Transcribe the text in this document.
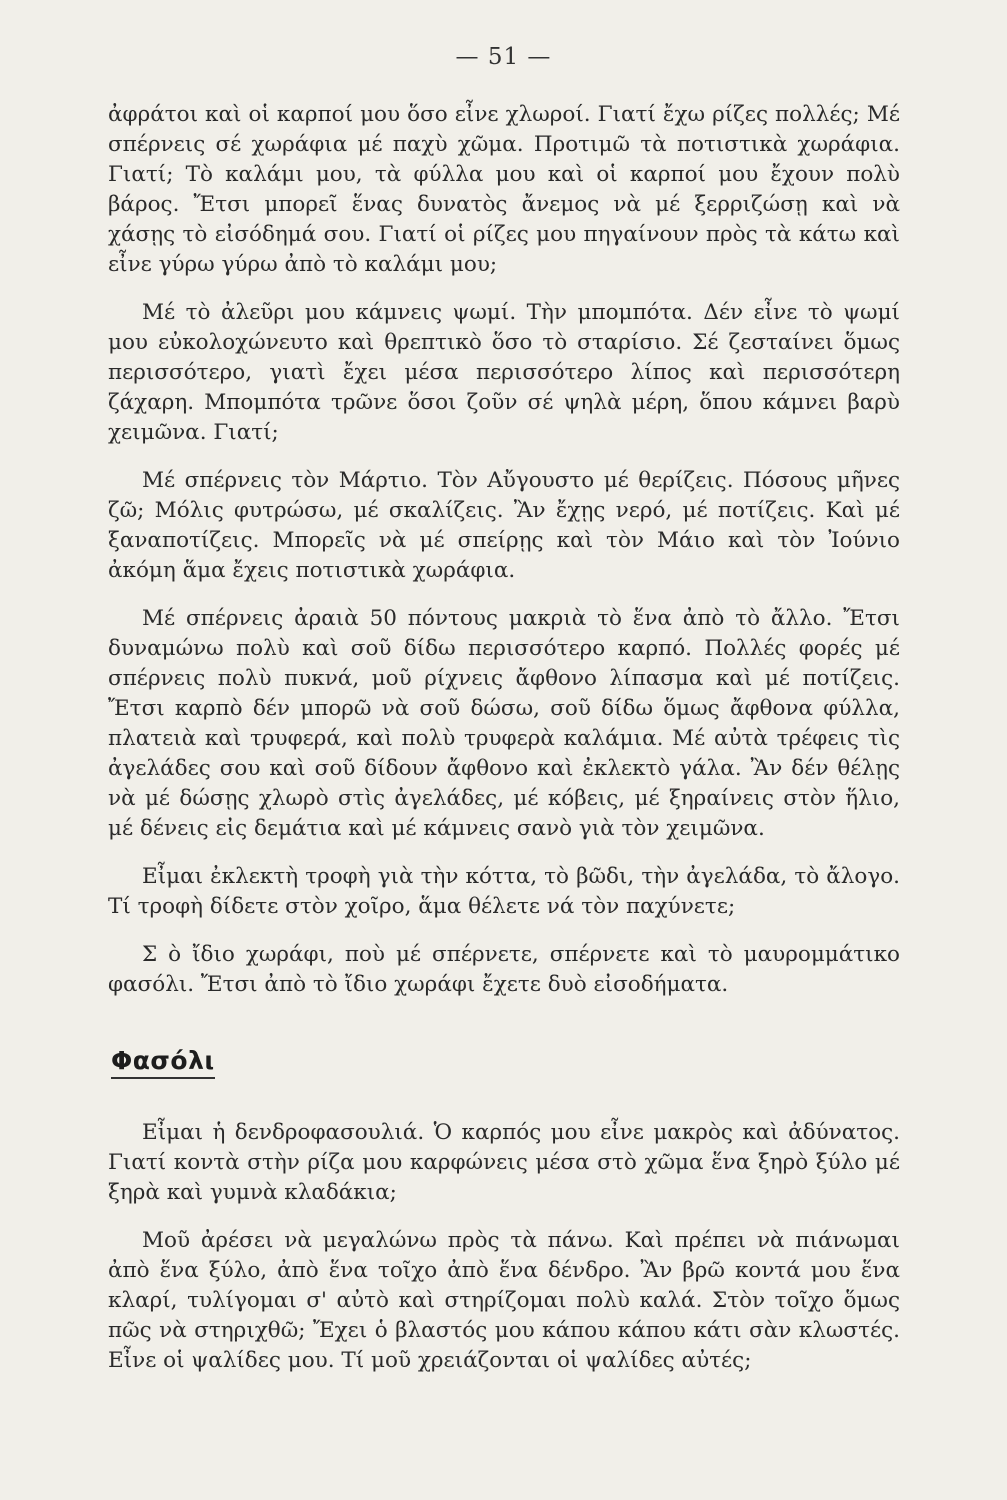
— 51 —

ἀφράτοι καὶ οἱ καρποί μου ὅσο εἶνε χλωροί. Γιατί ἔχω ρίζες πολλές; Μέ σπέρνεις σέ χωράφια μέ παχὺ χῶμα. Προτιμῶ τὰ ποτιστικὰ χωράφια. Γιατί; Τὸ καλάμι μου, τὰ φύλλα μου καὶ οἱ καρποί μου ἔχουν πολὺ βάρος. Ἔτσι μπορεῖ ἕνας δυνατὸς ἄνεμος νὰ μέ ξερριζώσῃ καὶ νὰ χάσῃς τὸ εἰσόδημά σου. Γιατί οἱ ρίζες μου πηγαίνουν πρὸς τὰ κάτω καὶ εἶνε γύρω γύρω ἀπὸ τὸ καλάμι μου;

Μέ τὸ ἀλεῦρι μου κάμνεις ψωμί. Τὴν μπομπότα. Δέν εἶνε τὸ ψωμί μου εὐκολοχώνευτο καὶ θρεπτικὸ ὅσο τὸ σταρίσιο. Σέ ζεσταίνει ὅμως περισσότερο, γιατὶ ἔχει μέσα περισσότερο λίπος καὶ περισσότερη ζάχαρη. Μπομπότα τρῶνε ὅσοι ζοῦν σέ ψηλὰ μέρη, ὅπου κάμνει βαρὺ χειμῶνα. Γιατί;

Μέ σπέρνεις τὸν Μάρτιο. Τὸν Αὔγουστο μέ θερίζεις. Πόσους μῆνες ζῶ; Μόλις φυτρώσω, μέ σκαλίζεις. Ἂν ἔχῃς νερό, μέ ποτίζεις. Καὶ μέ ξαναποτίζεις. Μπορεῖς νὰ μέ σπείρῃς καὶ τὸν Μάιο καὶ τὸν Ἰούνιο ἀκόμη ἅμα ἔχεις ποτιστικὰ χωράφια.

Μέ σπέρνεις ἀραιὰ 50 πόντους μακριὰ τὸ ἕνα ἀπὸ τὸ ἄλλο. Ἔτσι δυναμώνω πολὺ καὶ σοῦ δίδω περισσότερο καρπό. Πολλές φορές μέ σπέρνεις πολὺ πυκνά, μοῦ ρίχνεις ἄφθονο λίπασμα καὶ μέ ποτίζεις. Ἔτσι καρπὸ δέν μπορῶ νὰ σοῦ δώσω, σοῦ δίδω ὅμως ἄφθονα φύλλα, πλατειὰ καὶ τρυφερά, καὶ πολὺ τρυφερὰ καλάμια. Μέ αὐτὰ τρέφεις τὶς ἀγελάδες σου καὶ σοῦ δίδουν ἄφθονο καὶ ἐκλεκτὸ γάλα. Ἂν δέν θέλῃς νὰ μέ δώσῃς χλωρὸ στὶς ἀγελάδες, μέ κόβεις, μέ ξηραίνεις στὸν ἥλιο, μέ δένεις εἰς δεμάτια καὶ μέ κάμνεις σανὸ γιὰ τὸν χειμῶνα.

Εἶμαι ἐκλεκτὴ τροφὴ γιὰ τὴν κόττα, τὸ βῶδι, τὴν ἀγελάδα, τὸ ἄλογο. Τί τροφὴ δίδετε στὸν χοῖρο, ἅμα θέλετε νά τὸν παχύνετε;

Σ ὸ ἴδιο χωράφι, ποὺ μέ σπέρνετε, σπέρνετε καὶ τὸ μαυρομμάτικο φασόλι. Ἔτσι ἀπὸ τὸ ἴδιο χωράφι ἔχετε δυὸ εἰσοδήματα.

Φασόλι

Εἶμαι ἡ δενδροφασουλιά. Ὁ καρπός μου εἶνε μακρὸς καὶ ἀδύνατος. Γιατί κοντὰ στὴν ρίζα μου καρφώνεις μέσα στὸ χῶμα ἕνα ξηρὸ ξύλο μέ ξηρὰ καὶ γυμνὰ κλαδάκια;

Μοῦ ἀρέσει νὰ μεγαλώνω πρὸς τὰ πάνω. Καὶ πρέπει νὰ πιάνωμαι ἀπὸ ἕνα ξύλο, ἀπὸ ἕνα τοῖχο ἀπὸ ἕνα δένδρο. Ἂν βρῶ κοντά μου ἕνα κλαρί, τυλίγομαι σ' αὐτὸ καὶ στηρίζομαι πολὺ καλά. Στὸν τοῖχο ὅμως πῶς νὰ στηριχθῶ; Ἔχει ὁ βλαστός μου κάπου κάπου κάτι σὰν κλωστές. Εἶνε οἱ ψαλίδες μου. Τί μοῦ χρειάζονται οἱ ψαλίδες αὐτές;
